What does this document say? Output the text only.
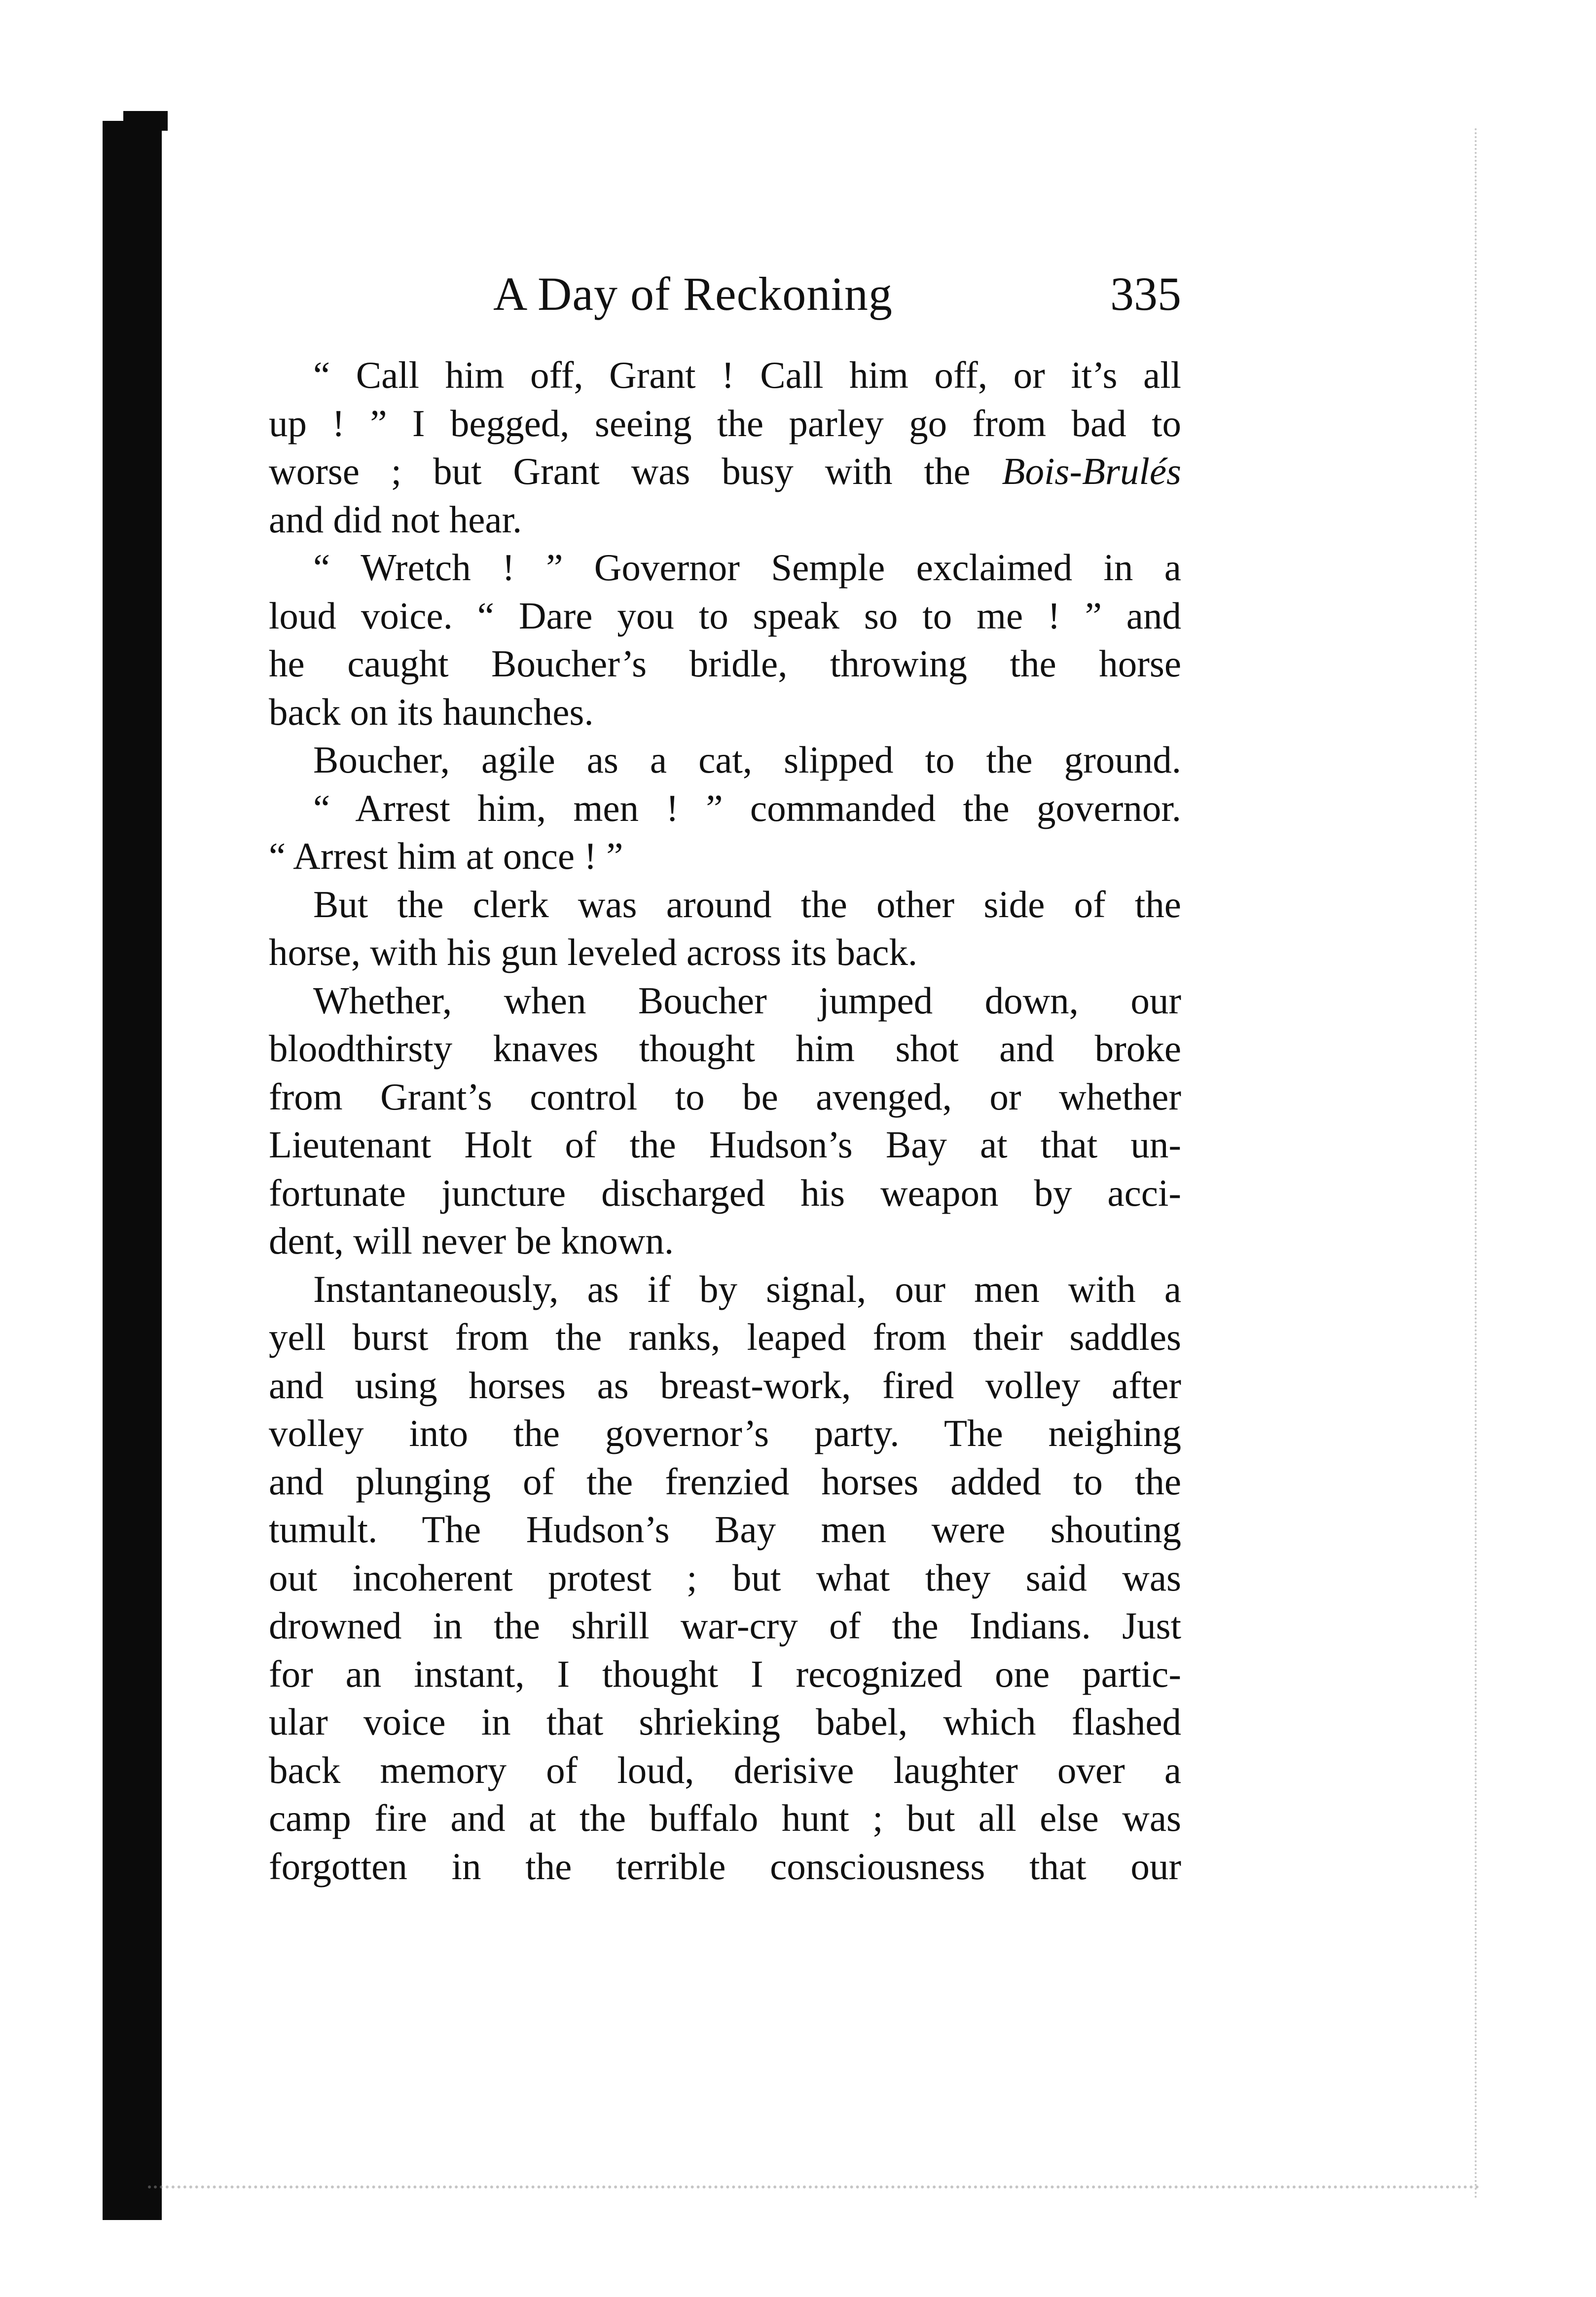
A Day of Reckoning	335
“ Call him off, Grant ! Call him off, or it’s all
up ! ” I begged, seeing the parley go from bad to
worse ; but Grant was busy with the Bois-Brulés
and did not hear.
“ Wretch ! ” Governor Semple exclaimed in a
loud voice. “ Dare you to speak so to me ! ” and
he caught Boucher’s bridle, throwing the horse
back on its haunches.
Boucher, agile as a cat, slipped to the ground.
“ Arrest him, men ! ” commanded the governor.
“ Arrest him at once ! ”
But the clerk was around the other side of the
horse, with his gun leveled across its back.
Whether, when Boucher jumped down, our
bloodthirsty knaves thought him shot and broke
from Grant’s control to be avenged, or whether
Lieutenant Holt of the Hudson’s Bay at that un-
fortunate juncture discharged his weapon by acci-
dent, will never be known.
Instantaneously, as if by signal, our men with a
yell burst from the ranks, leaped from their saddles
and using horses as breast-work, fired volley after
volley into the governor’s party. The neighing
and plunging of the frenzied horses added to the
tumult. The Hudson’s Bay men were shouting
out incoherent protest ; but what they said was
drowned in the shrill war-cry of the Indians. Just
for an instant, I thought I recognized one partic-
ular voice in that shrieking babel, which flashed
back memory of loud, derisive laughter over a
camp fire and at the buffalo hunt ; but all else was
forgotten in the terrible consciousness that our
